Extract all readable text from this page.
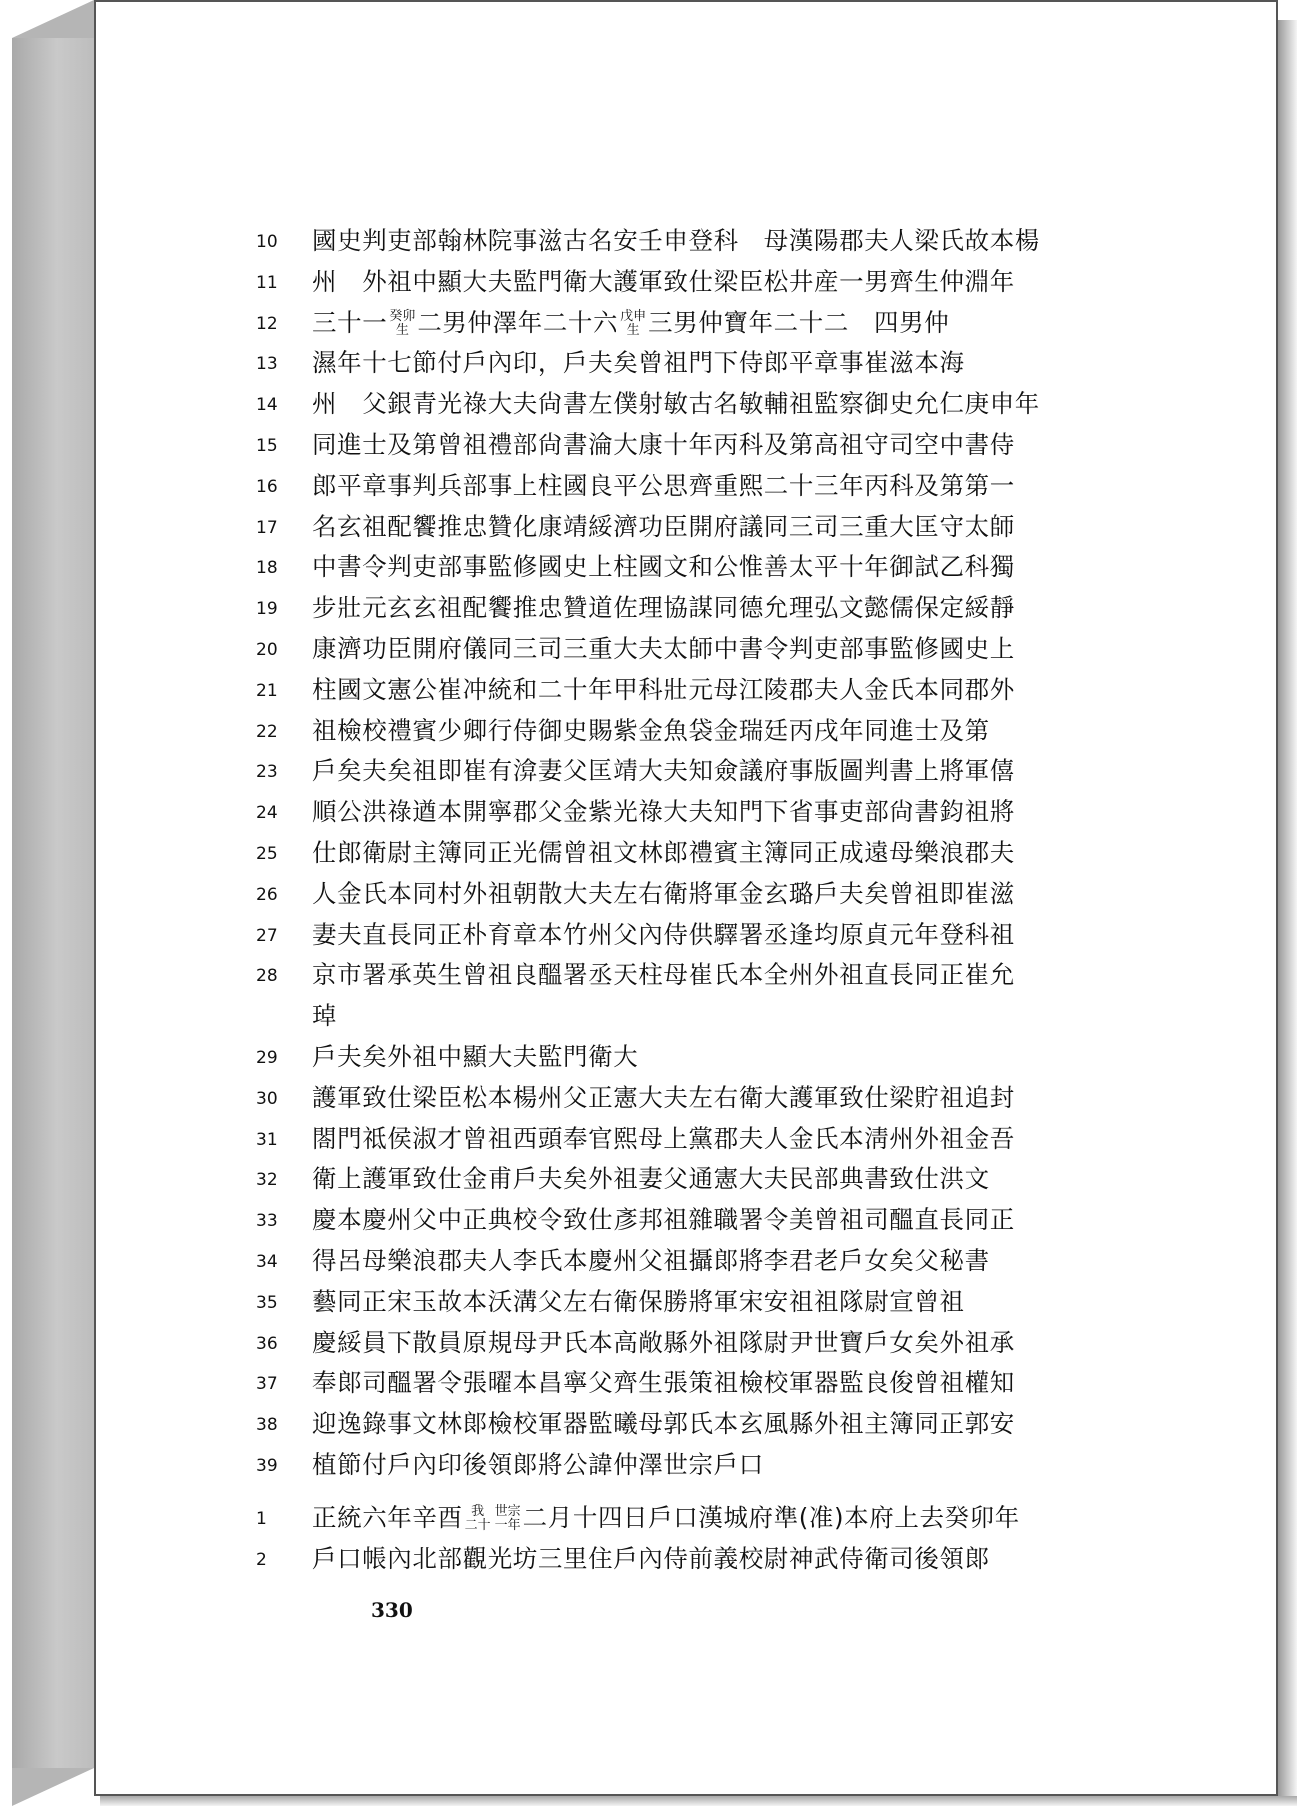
10	國史判吏部翰林院事滋古名安壬申登科　母漢陽郡夫人梁氏故本楊
11	州　外祖中顯大夫監門衛大護軍致仕梁臣松井産一男齊生仲淵年
12	三十一 癸卯
生 二男仲澤年二十六 戊申
生 三男仲寶年二十二　四男仲
13	濕年十七節付戶內印，戶夫矣曾祖門下侍郎平章事崔滋本海
14	州　父銀青光祿大夫尙書左僕射敏古名敏輔祖監察御史允仁庚申年
15	同進士及第曾祖禮部尙書淪大康十年丙科及第高祖守司空中書侍
16	郎平章事判兵部事上柱國良平公思齊重熙二十三年丙科及第第一
17	名玄祖配饗推忠贊化康靖綏濟功臣開府議同三司三重大匡守太師
18	中書令判吏部事監修國史上柱國文和公惟善太平十年御試乙科獨
19	步壯元玄玄祖配饗推忠贊道佐理協謀同德允理弘文懿儒保定綏靜
20	康濟功臣開府儀同三司三重大夫太師中書令判吏部事監修國史上
21	柱國文憲公崔冲統和二十年甲科壯元母江陵郡夫人金氏本同郡外
22	祖檢校禮賓少卿行侍御史賜紫金魚袋金瑞廷丙戌年同進士及第
23	戶矣夫矣祖即崔有渰妻父匡靖大夫知僉議府事版圖判書上將軍僖
24	順公洪祿遒本開寧郡父金紫光祿大夫知門下省事吏部尙書鈞祖將
25	仕郎衛尉主簿同正光儒曾祖文林郎禮賓主簿同正成遠母樂浪郡夫
26	人金氏本同村外祖朝散大夫左右衛將軍金玄璐戶夫矣曾祖即崔滋
27	妻夫直長同正朴育章本竹州父內侍供驛署丞逢均原貞元年登科祖
28	京市署承英生曾祖良醞署丞天柱母崔氏本全州外祖直長同正崔允
琸
29	戶夫矣外祖中顯大夫監門衛大
30	護軍致仕梁臣松本楊州父正憲大夫左右衛大護軍致仕梁貯祖追封
31	閤門祗侯淑才曾祖西頭奉官熙母上黨郡夫人金氏本淸州外祖金吾
32	衛上護軍致仕金甫戶夫矣外祖妻父通憲大夫民部典書致仕洪文
33	慶本慶州父中正典校令致仕彥邦祖雜職署令美曾祖司醞直長同正
34	得呂母樂浪郡夫人李氏本慶州父祖攝郞將李君老戶女矣父秘書
35	藝同正宋玉故本沃溝父左右衛保勝將軍宋安祖祖隊尉宣曾祖
36	慶綏員下散員原規母尹氏本高敞縣外祖隊尉尹世寶戶女矣外祖承
37	奉郞司醞署令張曜本昌寧父齊生張策祖檢校軍器監良俊曾祖權知
38	迎逸錄事文林郞檢校軍器監曦母郭氏本玄風縣外祖主簿同正郭安
39	植節付戶內印後領郞將公諱仲澤世宗戶口
1	正統六年辛酉 我
二十
世宗
一年 二月十四日戶口漢城府準(准)本府上去癸卯年
2	戶口帳內北部觀光坊三里住戶內侍前義校尉神武侍衛司後領郞
330
